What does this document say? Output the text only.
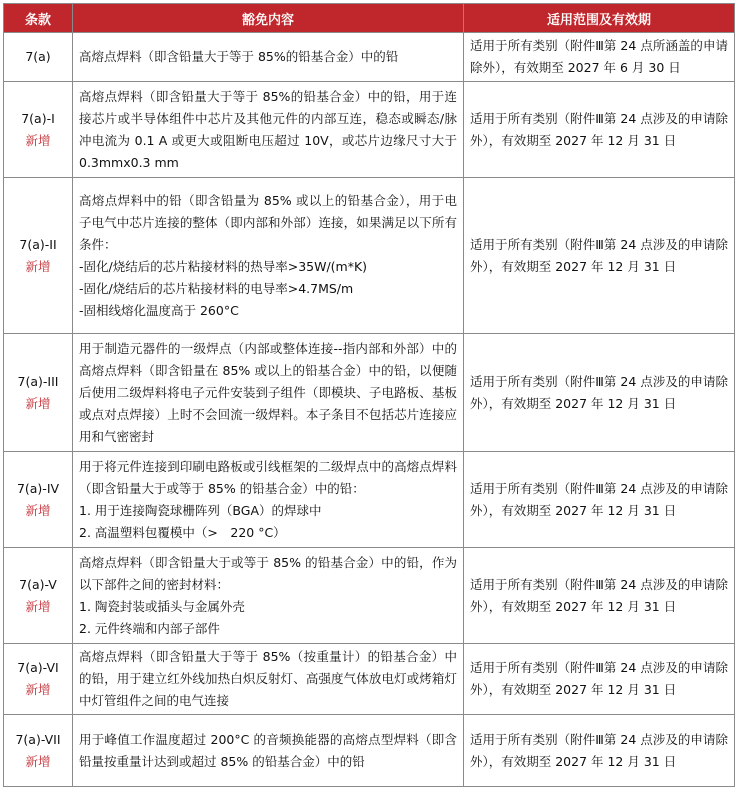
条款	豁免内容	适用范围及有效期

7(a)	高熔点焊料（即含铅量大于等于 85%的铅基合金）中的铅	适用于所有类别（附件Ⅲ第 24 点所涵盖的申请除外），有效期至 2027 年 6 月 30 日

7(a)-I
新增	高熔点焊料（即含铅量大于等于 85%的铅基合金）中的铅，用于连接芯片或半导体组件中芯片及其他元件的内部互连，稳态或瞬态/脉冲电流为 0.1 A 或更大或阻断电压超过 10V，或芯片边缘尺寸大于 0.3mmx0.3 mm	适用于所有类别（附件Ⅲ第 24 点涉及的申请除外），有效期至 2027 年 12 月 31 日

7(a)-II
新增	高熔点焊料中的铅（即含铅量为 85% 或以上的铅基合金），用于电子电气中芯片连接的整体（即内部和外部）连接，如果满足以下所有条件：
-固化/烧结后的芯片粘接材料的热导率>35W/(m*K)
-固化/烧结后的芯片粘接材料的电导率>4.7MS/m
-固相线熔化温度高于 260°C	适用于所有类别（附件Ⅲ第 24 点涉及的申请除外），有效期至 2027 年 12 月 31 日

7(a)-III
新增	用于制造元器件的一级焊点（内部或整体连接--指内部和外部）中的高熔点焊料（即含铅量在 85% 或以上的铅基合金）中的铅，以便随后使用二级焊料将电子元件安装到子组件（即模块、子电路板、基板或点对点焊接）上时不会回流一级焊料。本子条目不包括芯片连接应用和气密密封	适用于所有类别（附件Ⅲ第 24 点涉及的申请除外），有效期至 2027 年 12 月 31 日

7(a)-IV
新增	用于将元件连接到印刷电路板或引线框架的二级焊点中的高熔点焊料（即含铅量大于或等于 85% 的铅基合金）中的铅：
1. 用于连接陶瓷球栅阵列（BGA）的焊球中
2. 高温塑料包覆模中（>　220 °C）	适用于所有类别（附件Ⅲ第 24 点涉及的申请除外），有效期至 2027 年 12 月 31 日

7(a)-V
新增	高熔点焊料（即含铅量大于或等于 85% 的铅基合金）中的铅，作为以下部件之间的密封材料：
1. 陶瓷封装或插头与金属外壳
2. 元件终端和内部子部件	适用于所有类别（附件Ⅲ第 24 点涉及的申请除外），有效期至 2027 年 12 月 31 日

7(a)-VI
新增	高熔点焊料（即含铅量大于等于 85%（按重量计）的铅基合金）中的铅，用于建立红外线加热白炽反射灯、高强度气体放电灯或烤箱灯中灯管组件之间的电气连接	适用于所有类别（附件Ⅲ第 24 点涉及的申请除外），有效期至 2027 年 12 月 31 日

7(a)-VII
新增	用于峰值工作温度超过 200°C 的音频换能器的高熔点型焊料（即含铅量按重量计达到或超过 85% 的铅基合金）中的铅	适用于所有类别（附件Ⅲ第 24 点涉及的申请除外），有效期至 2027 年 12 月 31 日
